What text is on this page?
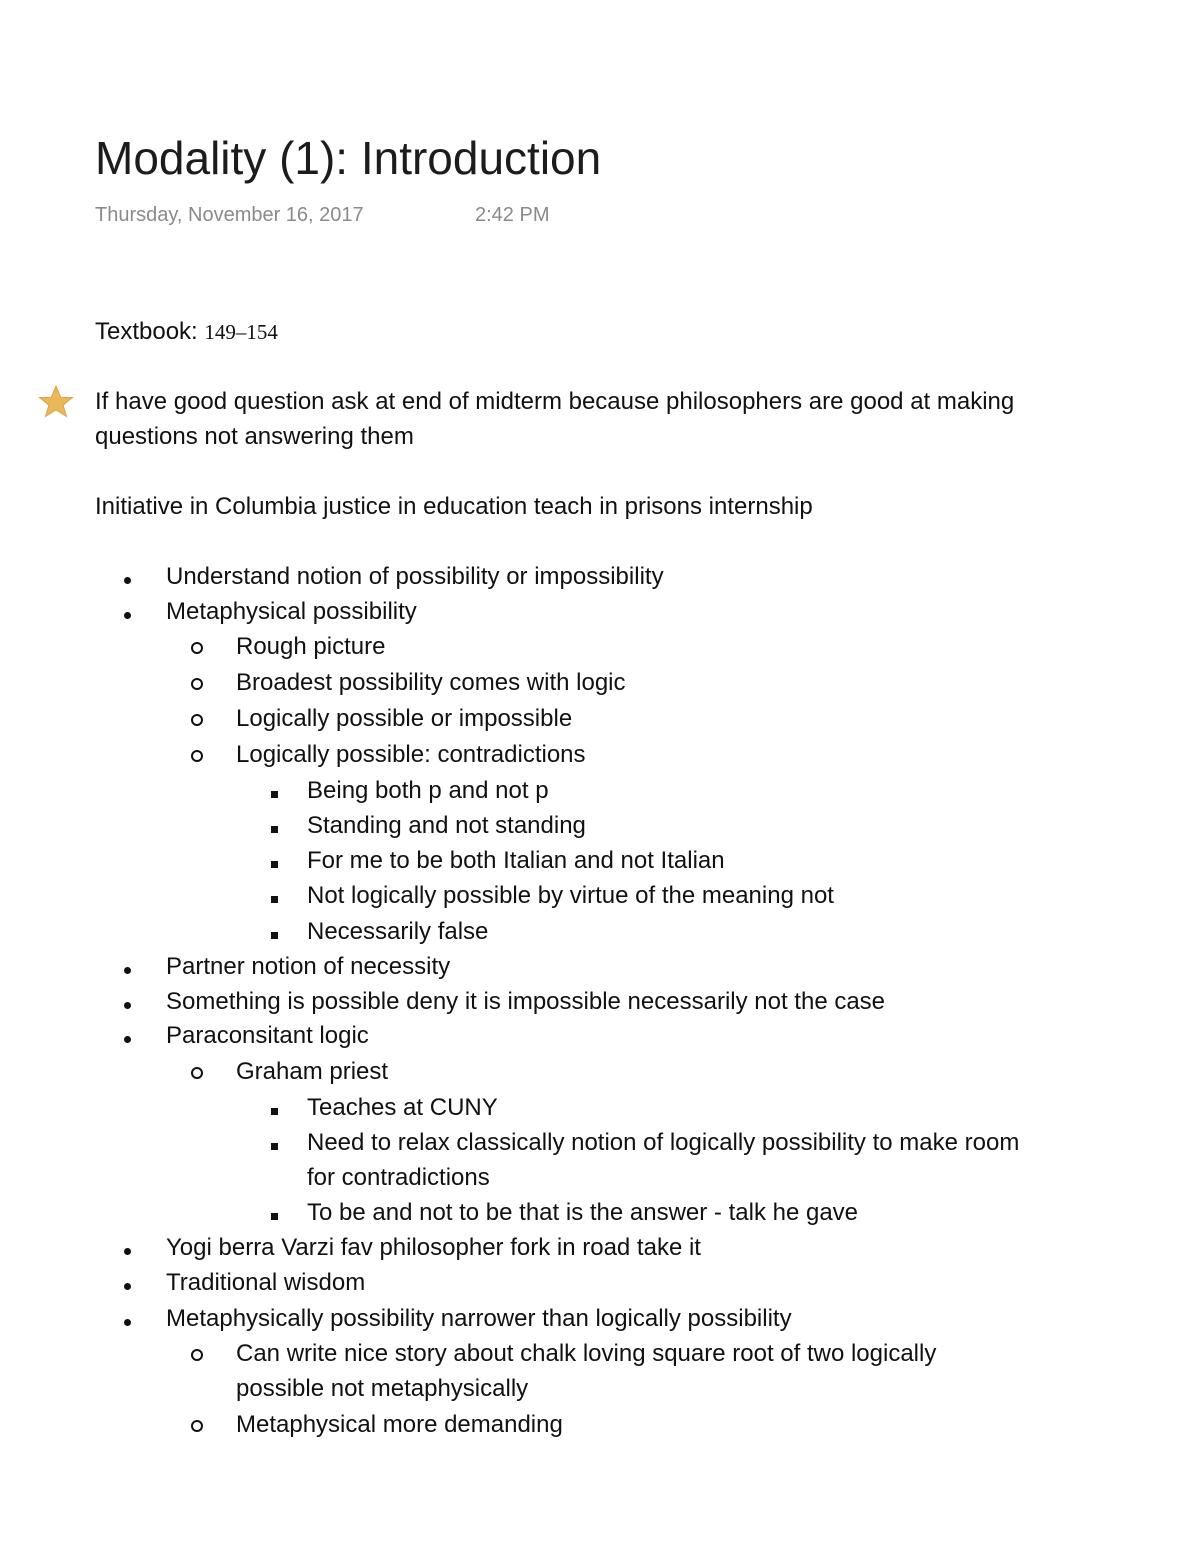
Modality (1): Introduction
Thursday, November 16, 2017	2:42 PM
Textbook: 149–154
If have good question ask at end of midterm because philosophers are good at making
questions not answering them
Initiative in Columbia justice in education teach in prisons internship
Understand notion of possibility or impossibility
Metaphysical possibility
Rough picture
Broadest possibility comes with logic
Logically possible or impossible
Logically possible: contradictions
Being both p and not p
Standing and not standing
For me to be both Italian and not Italian
Not logically possible by virtue of the meaning not
Necessarily false
Partner notion of necessity
Something is possible deny it is impossible necessarily not the case
Paraconsitant logic
Graham priest
Teaches at CUNY
Need to relax classically notion of logically possibility to make room
for contradictions
To be and not to be that is the answer - talk he gave
Yogi berra Varzi fav philosopher fork in road take it
Traditional wisdom
Metaphysically possibility narrower than logically possibility
Can write nice story about chalk loving square root of two logically
possible not metaphysically
Metaphysical more demanding
